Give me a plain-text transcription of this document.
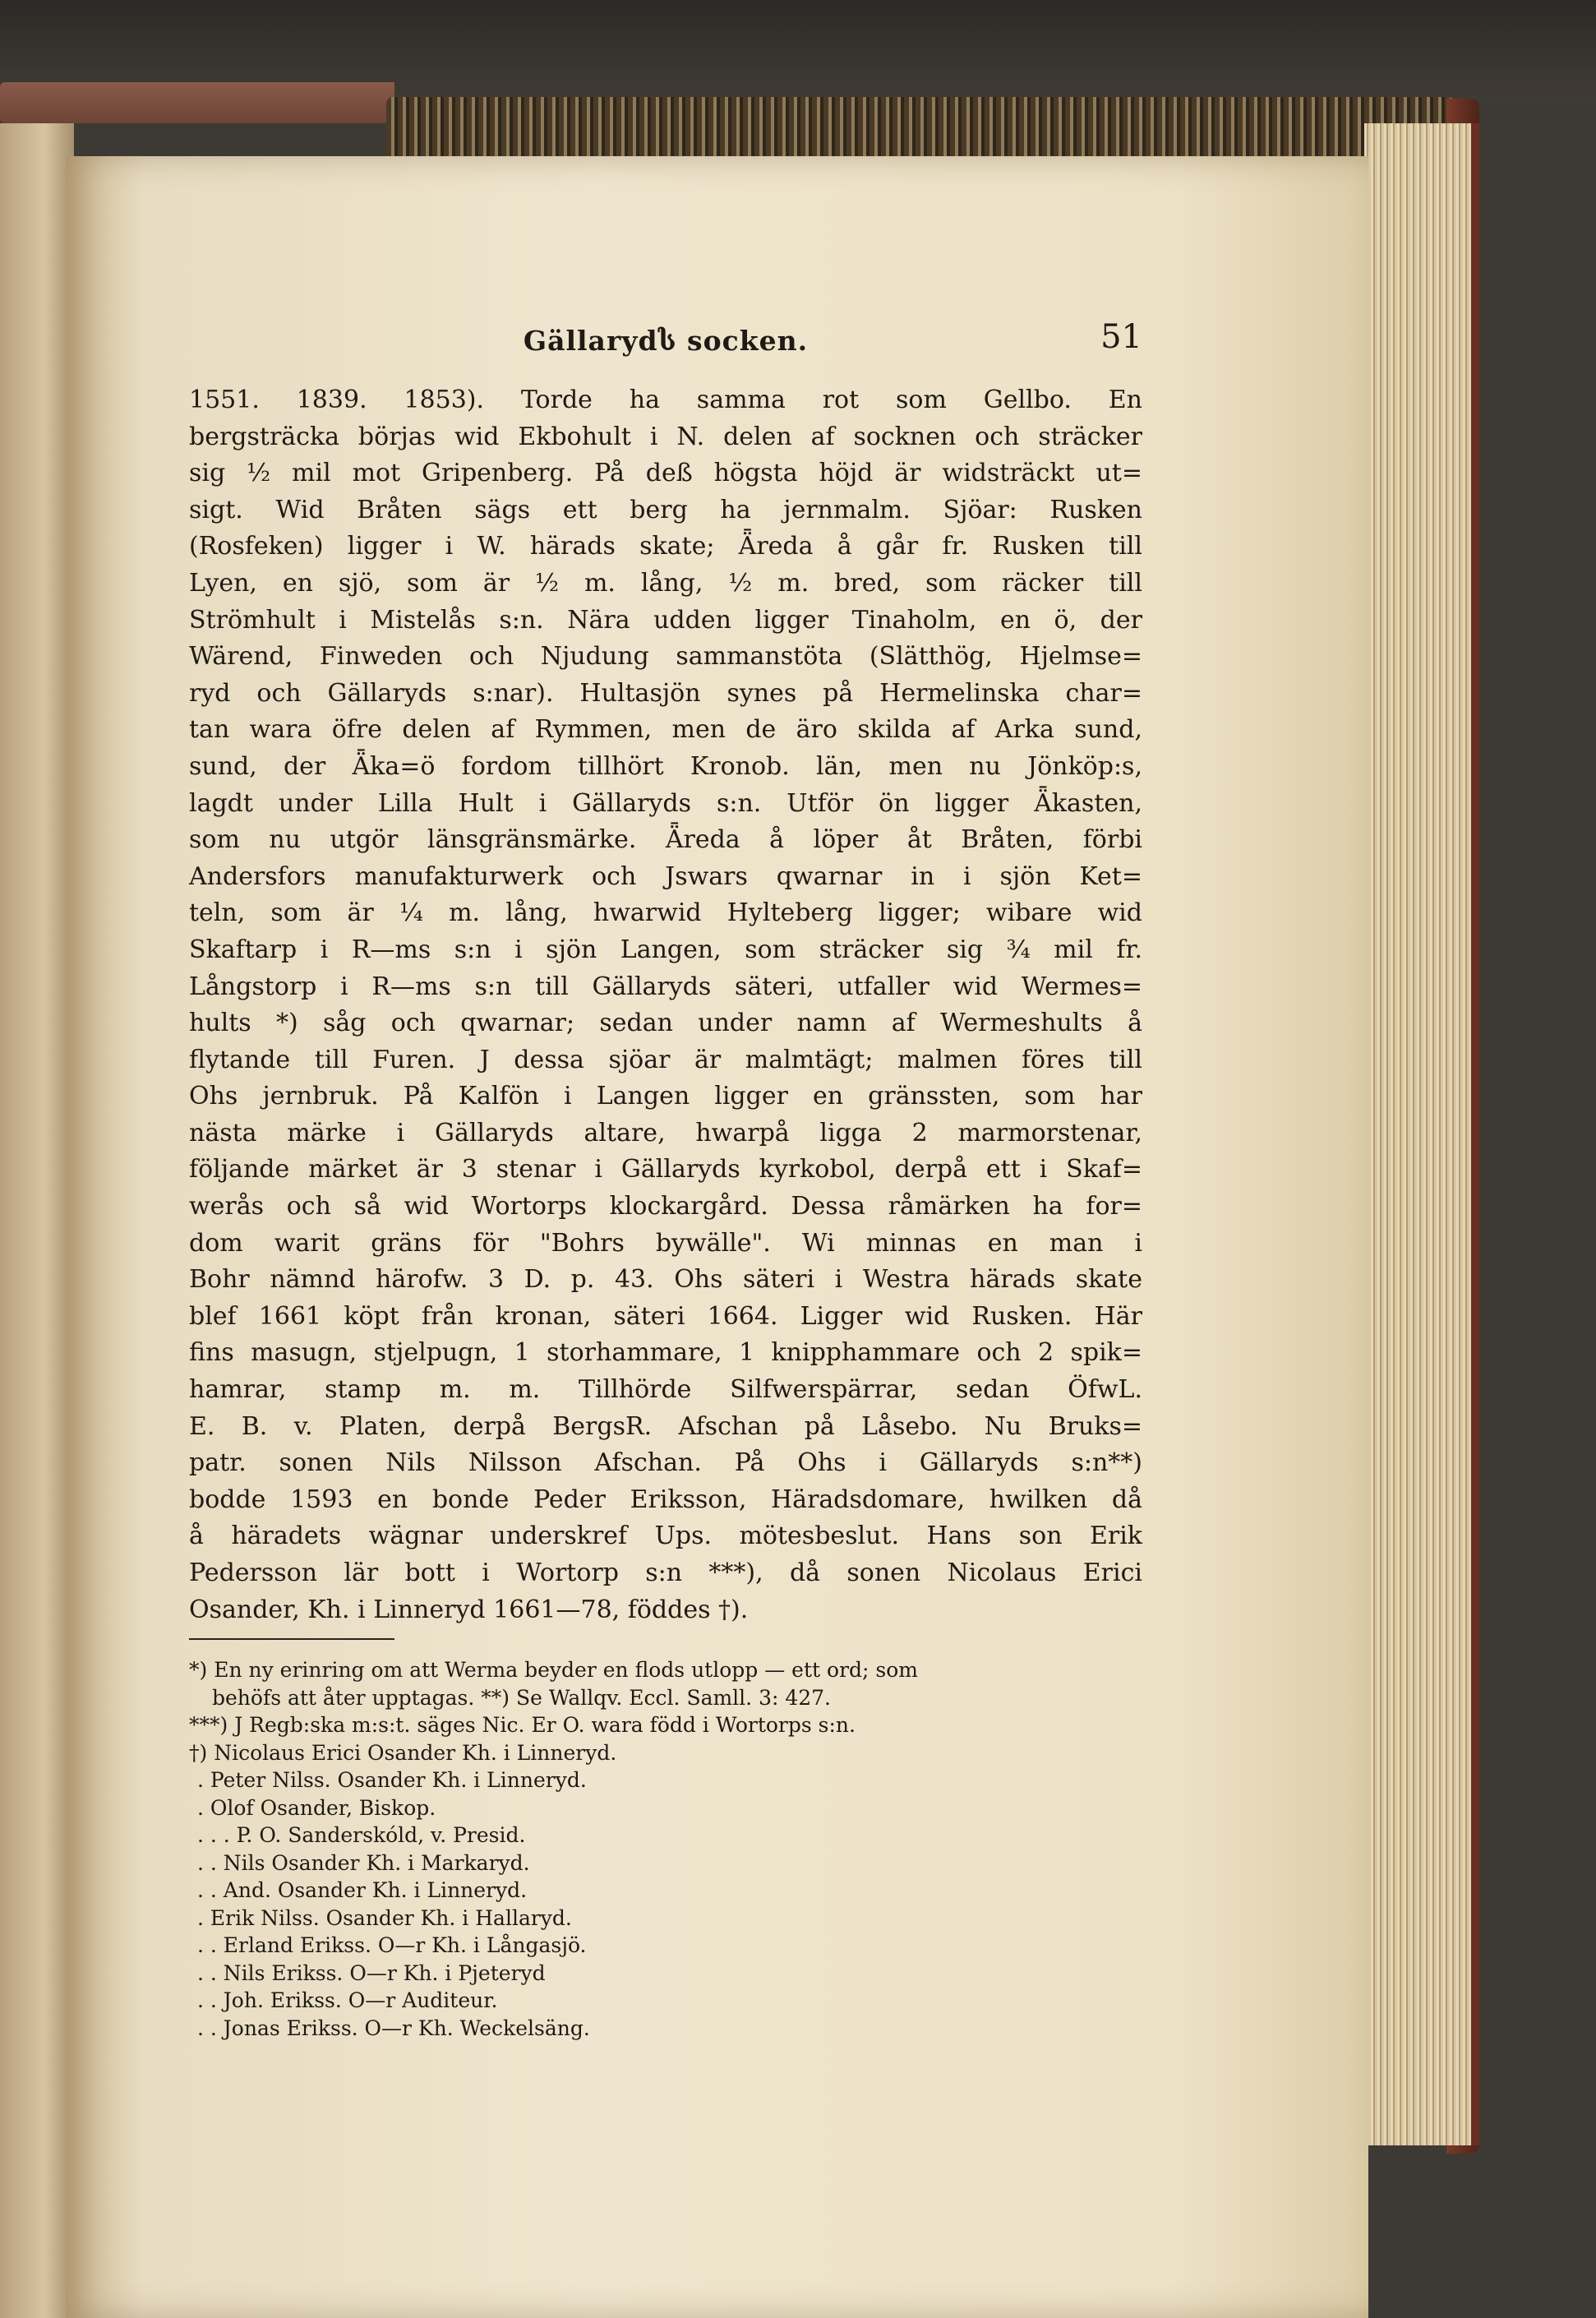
Gällarydს socken.	51
1551. 1839. 1853). Torde ha samma rot som Gellbo. En
bergsträcka börjas wid Ekbohult i N. delen af socknen och sträcker
sig ½ mil mot Gripenberg. På deß högsta höjd är widsträckt ut=
sigt. Wid Bråten sägs ett berg ha jernmalm. Sjöar: Rusken
(Rosfeken) ligger i W. härads skate; Ǟreda å går fr. Rusken till
Lyen, en sjö, som är ½ m. lång, ½ m. bred, som räcker till
Strömhult i Mistelås s:n. Nära udden ligger Tinaholm, en ö, der
Wärend, Finweden och Njudung sammanstöta (Slätthög, Hjelmse=
ryd och Gällaryds s:nar). Hultasjön synes på Hermelinska char=
tan wara öfre delen af Rymmen, men de äro skilda af Arka sund,
sund, der Ǟka=ö fordom tillhört Kronob. län, men nu Jönköp:s,
lagdt under Lilla Hult i Gällaryds s:n. Utför ön ligger Ǟkasten,
som nu utgör länsgränsmärke. Ǟreda å löper åt Bråten, förbi
Andersfors manufakturwerk och Jswars qwarnar in i sjön Ket=
teln, som är ¼ m. lång, hwarwid Hylteberg ligger; wibare wid
Skaftarp i R—ms s:n i sjön Langen, som sträcker sig ¾ mil fr.
Långstorp i R—ms s:n till Gällaryds säteri, utfaller wid Wermes=
hults *) såg och qwarnar; sedan under namn af Wermeshults å
flytande till Furen. J dessa sjöar är malmtägt; malmen föres till
Ohs jernbruk. På Kalfön i Langen ligger en gränssten, som har
nästa märke i Gällaryds altare, hwarpå ligga 2 marmorstenar,
följande märket är 3 stenar i Gällaryds kyrkobol, derpå ett i Skaf=
werås och så wid Wortorps klockargård. Dessa råmärken ha for=
dom warit gräns för "Bohrs bywälle". Wi minnas en man i
Bohr nämnd härofw. 3 D. p. 43. Ohs säteri i Westra härads skate
blef 1661 köpt från kronan, säteri 1664. Ligger wid Rusken. Här
fins masugn, stjelpugn, 1 storhammare, 1 knipphammare och 2 spik=
hamrar, stamp m. m. Tillhörde Silfwerspärrar, sedan ÖfwL.
E. B. v. Platen, derpå BergsR. Afschan på Låsebo. Nu Bruks=
patr. sonen Nils Nilsson Afschan. På Ohs i Gällaryds s:n**)
bodde 1593 en bonde Peder Eriksson, Häradsdomare, hwilken då
å häradets wägnar underskref Ups. mötesbeslut. Hans son Erik
Pedersson lär bott i Wortorp s:n ***), då sonen Nicolaus Erici
Osander, Kh. i Linneryd 1661—78, föddes †).
*) En ny erinring om att Werma beyder en flods utlopp — ett ord; som
behöfs att åter upptagas. **) Se Wallqv. Eccl. Samll. 3: 427.
***) J Regb:ska m:s:t. säges Nic. Er O. wara född i Wortorps s:n.
†) Nicolaus Erici Osander Kh. i Linneryd.
. Peter Nilss. Osander Kh. i Linneryd.
. Olof Osander, Biskop.
. . . P. O. Sanderskóld, v. Presid.
. . Nils Osander Kh. i Markaryd.
. . And. Osander Kh. i Linneryd.
. Erik Nilss. Osander Kh. i Hallaryd.
. . Erland Erikss. O—r Kh. i Långasjö.
. . Nils Erikss. O—r Kh. i Pjeteryd
. . Joh. Erikss. O—r Auditeur.
. . Jonas Erikss. O—r Kh. Weckelsäng.
